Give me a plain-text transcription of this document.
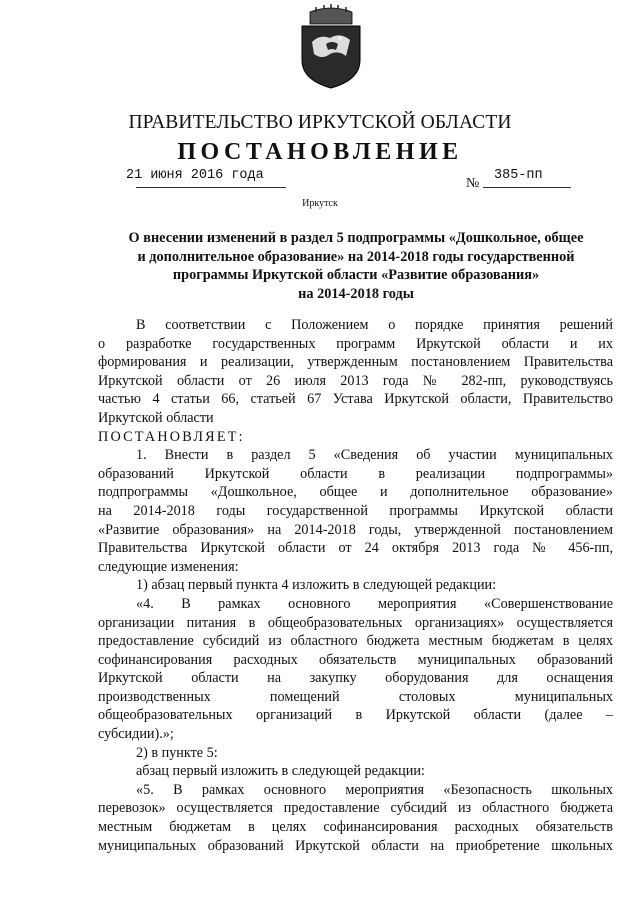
ПРАВИТЕЛЬСТВО ИРКУТСКОЙ ОБЛАСТИ
ПОСТАНОВЛЕНИЕ
21 июня 2016 года
№
385-пп
Иркутск
О внесении изменений в раздел 5 подпрограммы «Дошкольное, общее
и дополнительное образование» на 2014-2018 годы государственной
программы Иркутской области «Развитие образования»
на 2014-2018 годы
В соответствии с Положением о порядке принятия решений
о разработке государственных программ Иркутской области и их
формирования и реализации, утвержденным постановлением Правительства
Иркутской области от 26 июля 2013 года № 282-пп, руководствуясь
частью 4 статьи 66, статьей 67 Устава Иркутской области, Правительство
Иркутской области
ПОСТАНОВЛЯЕТ:
1. Внести в раздел 5 «Сведения об участии муниципальных
образований Иркутской области в реализации подпрограммы»
подпрограммы «Дошкольное, общее и дополнительное образование»
на 2014-2018 годы государственной программы Иркутской области
«Развитие образования» на 2014-2018 годы, утвержденной постановлением
Правительства Иркутской области от 24 октября 2013 года № 456-пп,
следующие изменения:
1) абзац первый пункта 4 изложить в следующей редакции:
«4. В рамках основного мероприятия «Совершенствование
организации питания в общеобразовательных организациях» осуществляется
предоставление субсидий из областного бюджета местным бюджетам в целях
софинансирования расходных обязательств муниципальных образований
Иркутской области на закупку оборудования для оснащения
производственных помещений столовых муниципальных
общеобразовательных организаций в Иркутской области (далее –
субсидии).»;
2) в пункте 5:
абзац первый изложить в следующей редакции:
«5. В рамках основного мероприятия «Безопасность школьных
перевозок» осуществляется предоставление субсидий из областного бюджета
местным бюджетам в целях софинансирования расходных обязательств
муниципальных образований Иркутской области на приобретение школьных
